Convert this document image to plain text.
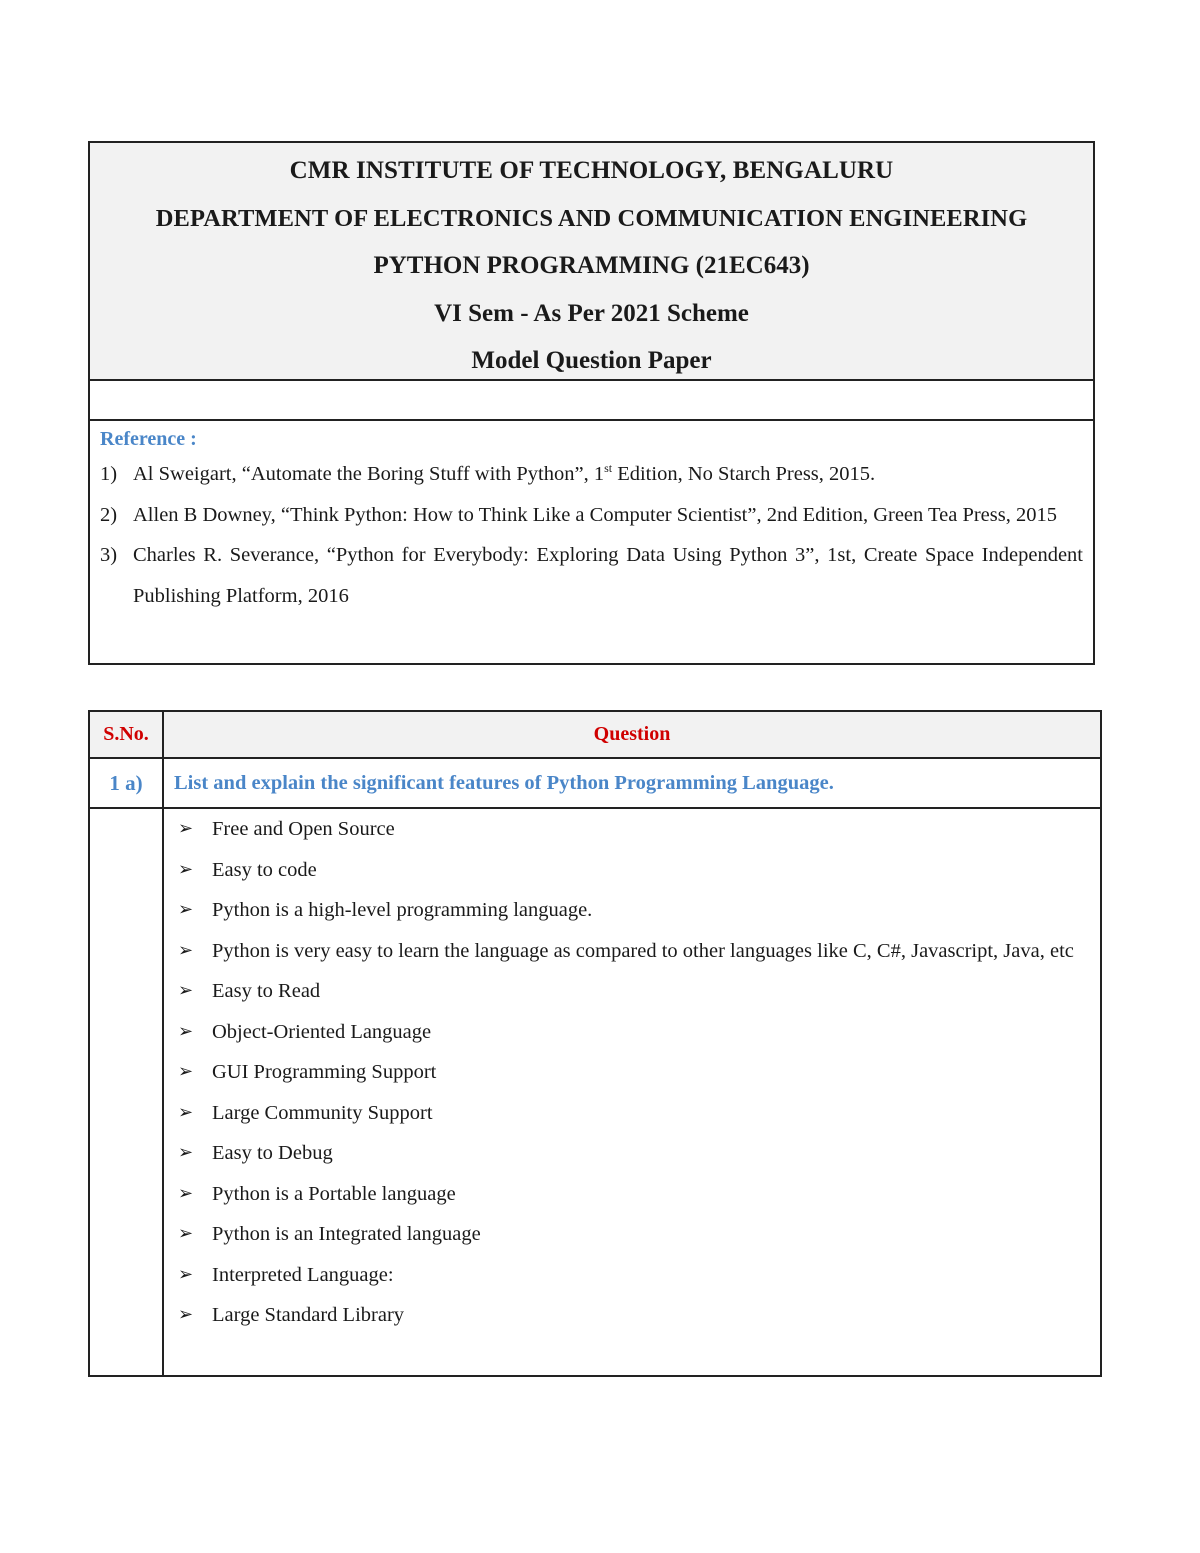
CMR INSTITUTE OF TECHNOLOGY, BENGALURU
DEPARTMENT OF ELECTRONICS AND COMMUNICATION ENGINEERING
PYTHON PROGRAMMING (21EC643)
VI Sem - As Per 2021 Scheme
Model Question Paper
Reference :
1) Al Sweigart, “Automate the Boring Stuff with Python”, 1st Edition, No Starch Press, 2015.
2) Allen B Downey, “Think Python: How to Think Like a Computer Scientist”, 2nd Edition, Green Tea Press, 2015
3) Charles R. Severance, “Python for Everybody: Exploring Data Using Python 3”, 1st, Create Space Independent Publishing Platform, 2016
S.No.	Question
1 a)	List and explain the significant features of Python Programming Language.
➢ Free and Open Source
➢ Easy to code
➢ Python is a high-level programming language.
➢ Python is very easy to learn the language as compared to other languages like C, C#, Javascript, Java, etc
➢ Easy to Read
➢ Object-Oriented Language
➢ GUI Programming Support
➢ Large Community Support
➢ Easy to Debug
➢ Python is a Portable language
➢ Python is an Integrated language
➢ Interpreted Language:
➢ Large Standard Library
